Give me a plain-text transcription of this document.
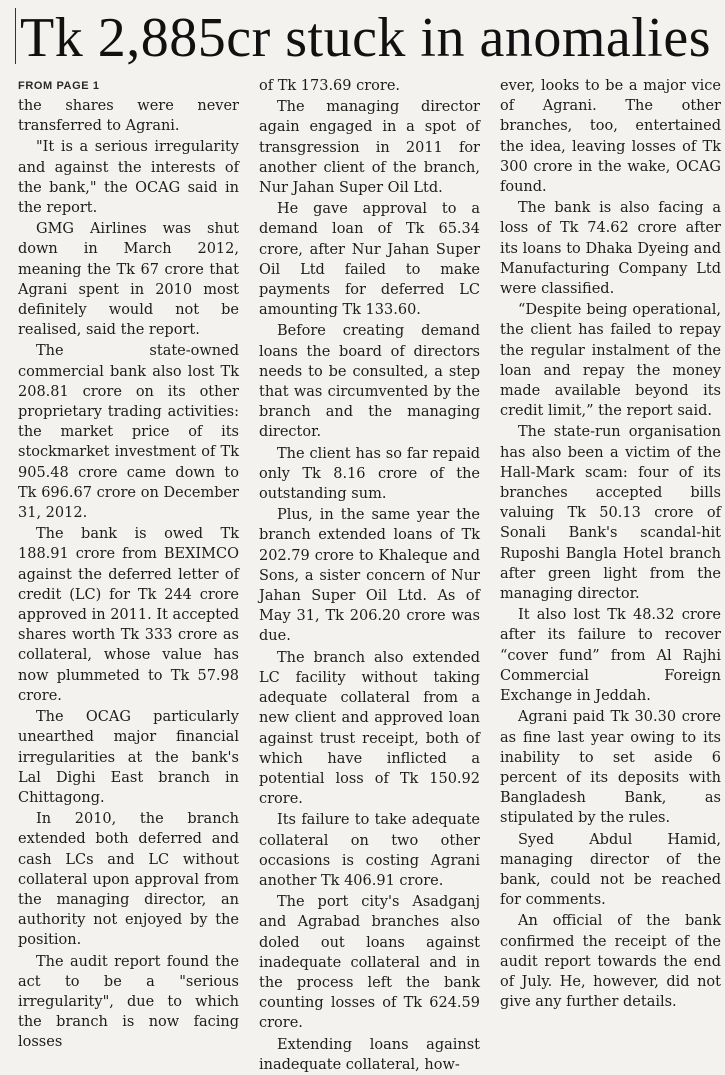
Tk 2,885cr stuck in anomalies
FROM PAGE 1

the shares were never transferred to Agrani.

"It is a serious irregularity and against the interests of the bank," the OCAG said in the report.

GMG Airlines was shut down in March 2012, meaning the Tk 67 crore that Agrani spent in 2010 most definitely would not be realised, said the report.

The state-owned commercial bank also lost Tk 208.81 crore on its other proprietary trading activities: the market price of its stockmarket investment of Tk 905.48 crore came down to Tk 696.67 crore on December 31, 2012.

The bank is owed Tk 188.91 crore from BEXIMCO against the deferred letter of credit (LC) for Tk 244 crore approved in 2011. It accepted shares worth Tk 333 crore as collateral, whose value has now plummeted to Tk 57.98 crore.

The OCAG particularly unearthed major financial irregularities at the bank's Lal Dighi East branch in Chittagong.

In 2010, the branch extended both deferred and cash LCs and LC without collateral upon approval from the managing director, an authority not enjoyed by the position.

The audit report found the act to be a "serious irregularity", due to which the branch is now facing losses

of Tk 173.69 crore.

The managing director again engaged in a spot of transgression in 2011 for another client of the branch, Nur Jahan Super Oil Ltd.

He gave approval to a demand loan of Tk 65.34 crore, after Nur Jahan Super Oil Ltd failed to make payments for deferred LC amounting Tk 133.60.

Before creating demand loans the board of directors needs to be consulted, a step that was circumvented by the branch and the managing director.

The client has so far repaid only Tk 8.16 crore of the outstanding sum.

Plus, in the same year the branch extended loans of Tk 202.79 crore to Khaleque and Sons, a sister concern of Nur Jahan Super Oil Ltd. As of May 31, Tk 206.20 crore was due.

The branch also extended LC facility without taking adequate collateral from a new client and approved loan against trust receipt, both of which have inflicted a potential loss of Tk 150.92 crore.

Its failure to take adequate collateral on two other occasions is costing Agrani another Tk 406.91 crore.

The port city's Asadganj and Agrabad branches also doled out loans against inadequate collateral and in the process left the bank counting losses of Tk 624.59 crore.

Extending loans against inadequate collateral, how-

ever, looks to be a major vice of Agrani. The other branches, too, entertained the idea, leaving losses of Tk 300 crore in the wake, OCAG found.

The bank is also facing a loss of Tk 74.62 crore after its loans to Dhaka Dyeing and Manufacturing Company Ltd were classified.

“Despite being operational, the client has failed to repay the regular instalment of the loan and repay the money made available beyond its credit limit,” the report said.

The state-run organisation has also been a victim of the Hall-Mark scam: four of its branches accepted bills valuing Tk 50.13 crore of Sonali Bank's scandal-hit Ruposhi Bangla Hotel branch after green light from the managing director.

It also lost Tk 48.32 crore after its failure to recover “cover fund” from Al Rajhi Commercial Foreign Exchange in Jeddah.

Agrani paid Tk 30.30 crore as fine last year owing to its inability to set aside 6 percent of its deposits with Bangladesh Bank, as stipulated by the rules.

Syed Abdul Hamid, managing director of the bank, could not be reached for comments.

An official of the bank confirmed the receipt of the audit report towards the end of July. He, however, did not give any further details.
